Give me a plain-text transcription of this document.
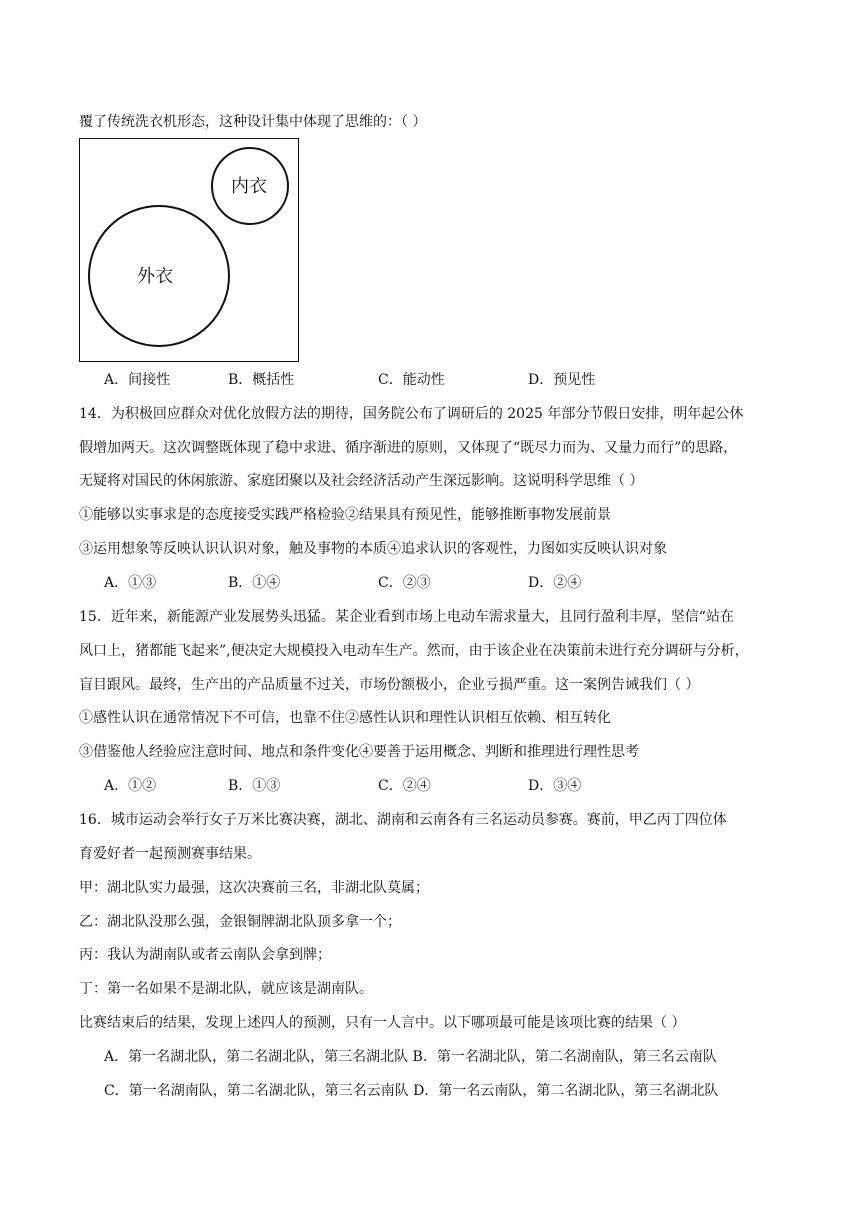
覆了传统洗衣机形态，这种设计集中体现了思维的：（ ）
内衣
外衣
A．间接性	B．概括性	C．能动性	D．预见性
14．为积极回应群众对优化放假方法的期待，国务院公布了调研后的 2025 年部分节假日安排，明年起公休
假增加两天。这次调整既体现了稳中求进、循序渐进的原则，又体现了“既尽力而为、又量力而行”的思路，
无疑将对国民的休闲旅游、家庭团聚以及社会经济活动产生深远影响。这说明科学思维（ ）
①能够以实事求是的态度接受实践严格检验②结果具有预见性，能够推断事物发展前景
③运用想象等反映认识认识对象，触及事物的本质④追求认识的客观性，力图如实反映认识对象
A．①③	B．①④	C．②③	D．②④
15．近年来，新能源产业发展势头迅猛。某企业看到市场上电动车需求量大，且同行盈利丰厚，坚信“站在
风口上，猪都能飞起来”,便决定大规模投入电动车生产。然而，由于该企业在决策前未进行充分调研与分析，
盲目跟风。最终，生产出的产品质量不过关，市场份额极小，企业亏损严重。这一案例告诫我们（ ）
①感性认识在通常情况下不可信，也靠不住②感性认识和理性认识相互依赖、相互转化
③借鉴他人经验应注意时间、地点和条件变化④要善于运用概念、判断和推理进行理性思考
A．①②	B．①③	C．②④	D．③④
16．城市运动会举行女子万米比赛决赛，湖北、湖南和云南各有三名运动员参赛。赛前，甲乙丙丁四位体
育爱好者一起预测赛事结果。
甲：湖北队实力最强，这次决赛前三名，非湖北队莫属；
乙：湖北队没那么强，金银铜牌湖北队顶多拿一个；
丙：我认为湖南队或者云南队会拿到牌；
丁：第一名如果不是湖北队，就应该是湖南队。
比赛结束后的结果，发现上述四人的预测，只有一人言中。以下哪项最可能是该项比赛的结果（ ）
A．第一名湖北队，第二名湖北队，第三名湖北队 B．第一名湖北队，第二名湖南队，第三名云南队
C．第一名湖南队，第二名湖北队，第三名云南队 D．第一名云南队，第二名湖北队，第三名湖北队
